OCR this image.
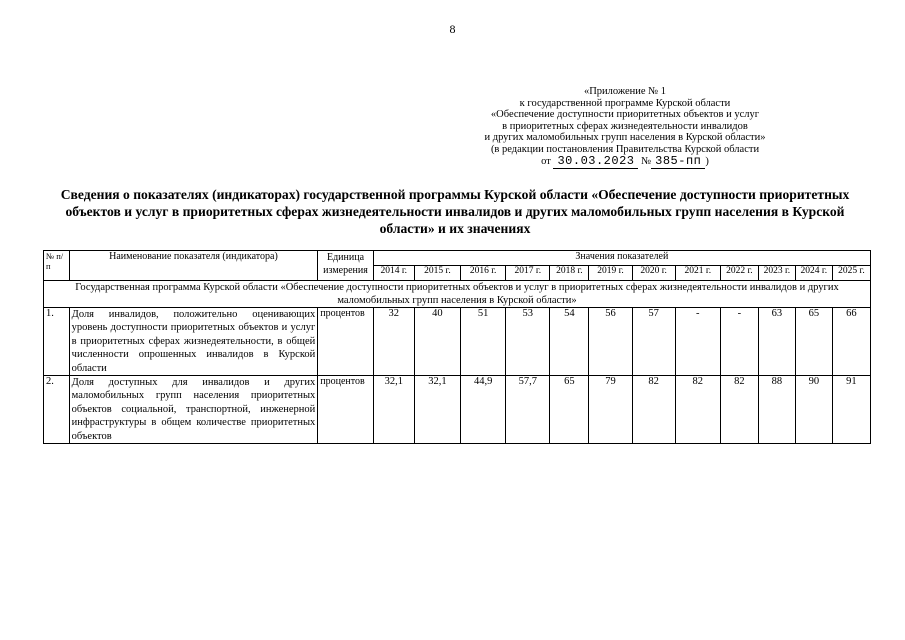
8
«Приложение № 1
к государственной программе Курской области
«Обеспечение доступности приоритетных объектов и услуг
в приоритетных сферах жизнедеятельности инвалидов
и других маломобильных групп населения в Курской области»
(в редакции постановления Правительства Курской области
от 30.03.2023 № 385-пп )
Сведения о показателях (индикаторах) государственной программы Курской области «Обеспечение доступности приоритетных объектов и услуг в приоритетных сферах жизнедеятельности инвалидов и других маломобильных групп населения в Курской области» и их значениях
№ п/п	Наименование показателя (индикатора)	Единица измерения	Значения показателей											
			2014 г.	2015 г.	2016 г.	2017 г.	2018 г.	2019 г.	2020 г.	2021 г.	2022 г.	2023 г.	2024 г.	2025 г.
Государственная программа Курской области «Обеспечение доступности приоритетных объектов и услуг в приоритетных сферах жизнедеятельности инвалидов и других маломобильных групп населения в Курской области»														
1.	Доля инвалидов, положительно оценивающих уровень доступности приоритетных объектов и услуг в приоритетных сферах жизнедеятельности, в общей численности опрошенных инвалидов в Курской области	процентов	32	40	51	53	54	56	57	-	-	63	65	66
2.	Доля доступных для инвалидов и других маломобильных групп населения приоритетных объектов социальной, транспортной, инженерной инфраструктуры в общем количестве приоритетных объектов	процентов	32,1	32,1	44,9	57,7	65	79	82	82	82	88	90	91
